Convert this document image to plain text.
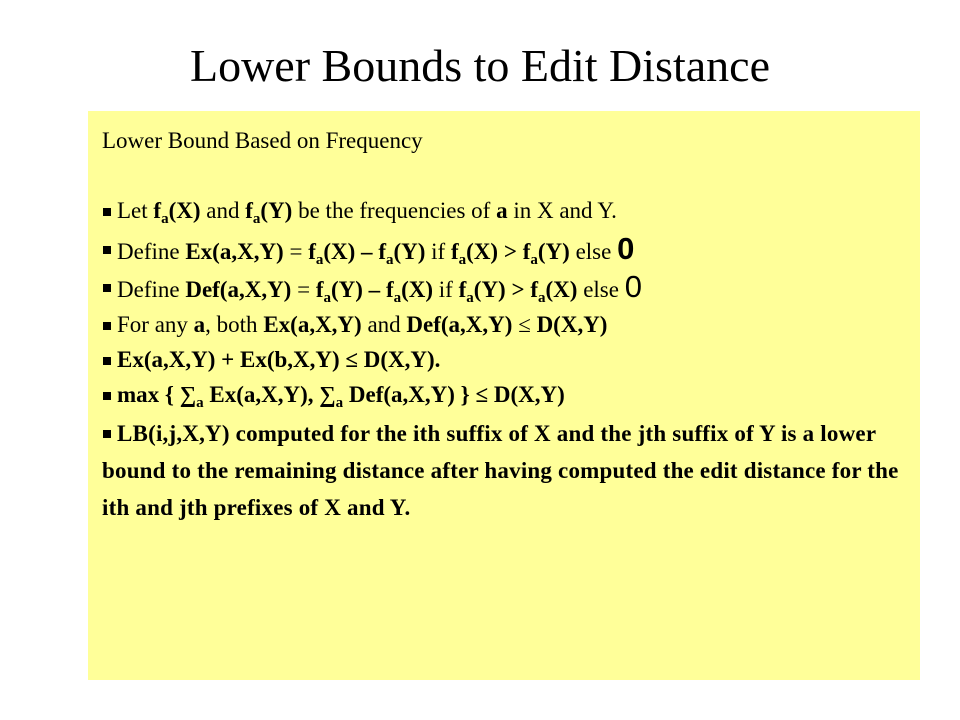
Lower Bounds to Edit Distance
Lower Bound Based on Frequency
Let $f_a(X)$ and $f_a(Y)$ be the frequencies of a in X and Y.
Define $Ex(a,X,Y) = f_a(X) - f_a(Y)$ if $f_a(X) > f_a(Y)$ else 0
Define $Def(a,X,Y) = f_a(Y) - f_a(X)$ if $f_a(Y) > f_a(X)$ else 0
For any a, both Ex(a,X,Y) and Def(a,X,Y) ≤ D(X,Y)
Ex(a,X,Y) + Ex(b,X,Y) ≤ D(X,Y).
max { $\sum_a$ Ex(a,X,Y), $\sum_a$ Def(a,X,Y) } ≤ D(X,Y)
LB(i,j,X,Y) computed for the ith suffix of X and the jth suffix of Y is a lower bound to the remaining distance after having computed the edit distance for the ith and jth prefixes of X and Y.
